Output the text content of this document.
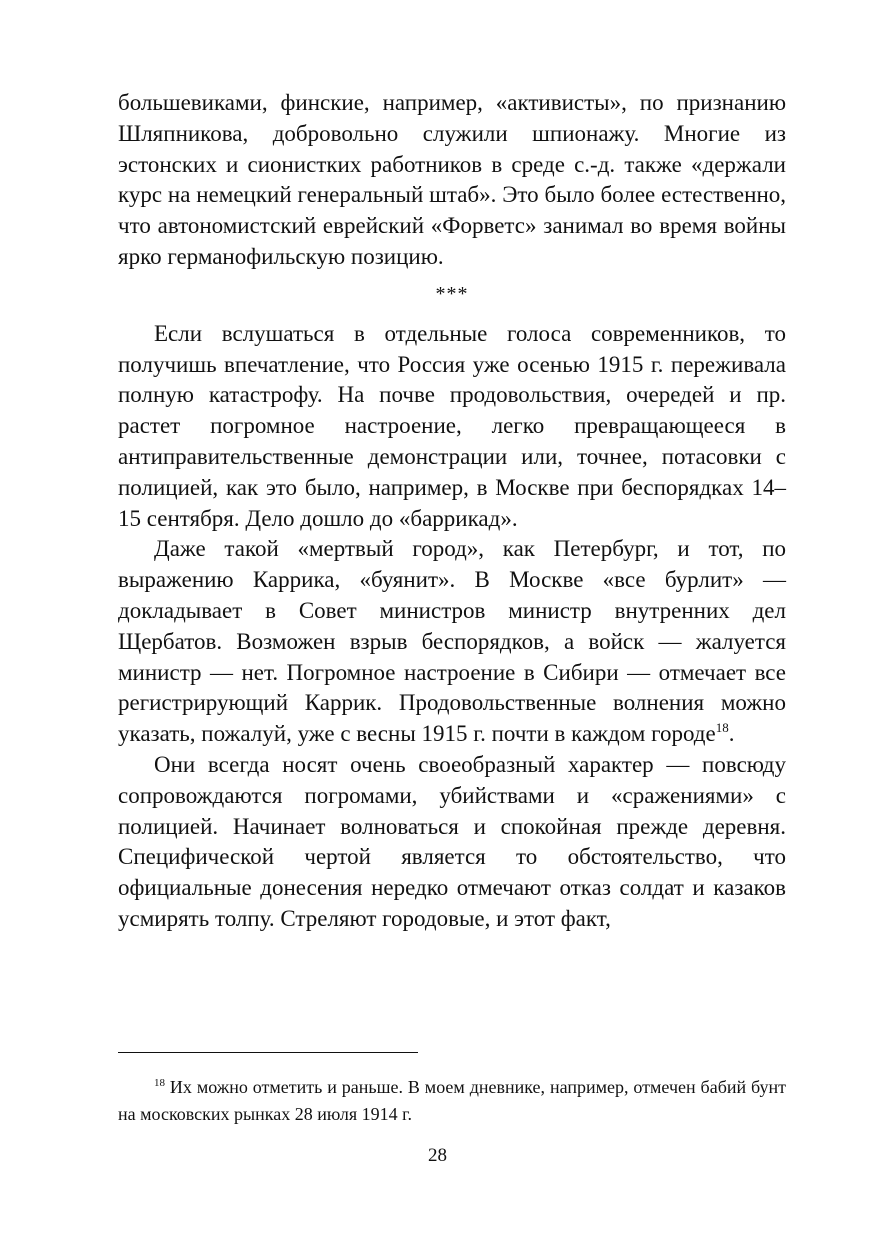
большевиками, финские, например, «активисты», по признанию Шляпникова, добровольно служили шпионажу. Многие из эстонских и сионистких работников в среде с.-д. также «держали курс на немецкий генеральный штаб». Это было более естественно, что автономистский еврейский «Форветс» занимал во время войны ярко германофильскую позицию.

***

Если вслушаться в отдельные голоса современников, то получишь впечатление, что Россия уже осенью 1915 г. переживала полную катастрофу. На почве продовольствия, очередей и пр. растет погромное настроение, легко превращающееся в антиправительственные демонстрации или, точнее, потасовки с полицией, как это было, например, в Москве при беспорядках 14–15 сентября. Дело дошло до «баррикад».

Даже такой «мертвый город», как Петербург, и тот, по выражению Каррика, «буянит». В Москве «все бурлит» — докладывает в Совет министров министр внутренних дел Щербатов. Возможен взрыв беспорядков, а войск — жалуется министр — нет. Погромное настроение в Сибири — отмечает все регистрирующий Каррик. Продовольственные волнения можно указать, пожалуй, уже с весны 1915 г. почти в каждом городе$^{18}$.

Они всегда носят очень своеобразный характер — повсюду сопровождаются погромами, убийствами и «сражениями» с полицией. Начинает волноваться и спокойная прежде деревня. Специфической чертой является то обстоятельство, что официальные донесения нередко отмечают отказ солдат и казаков усмирять толпу. Стреляют городовые, и этот факт,

$^{18}$ Их можно отметить и раньше. В моем дневнике, например, отмечен бабий бунт на московских рынках 28 июля 1914 г.

28
